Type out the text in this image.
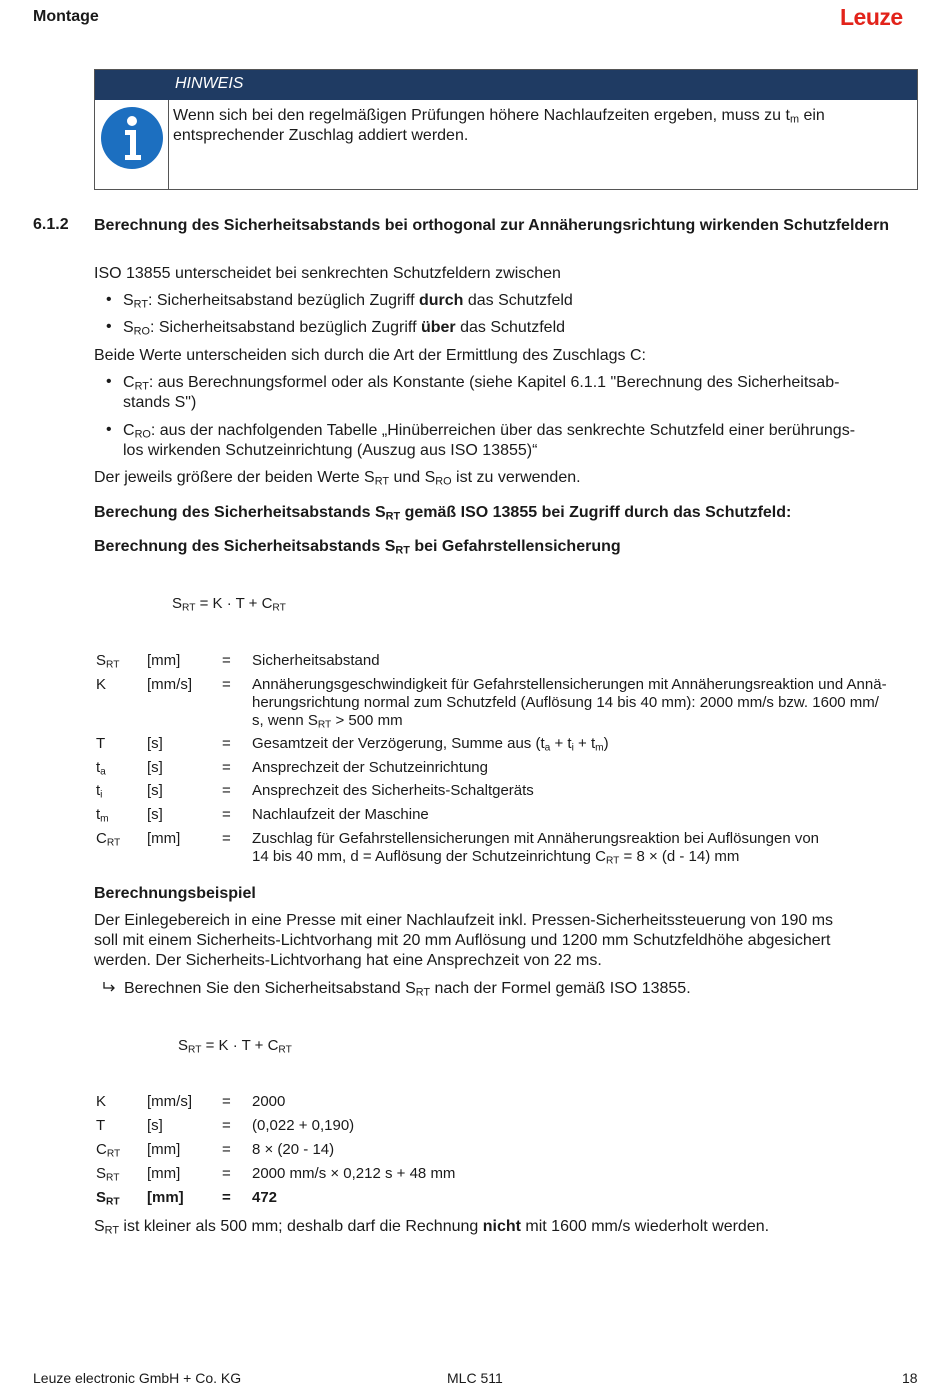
Montage	Leuze
HINWEIS
Wenn sich bei den regelmäßigen Prüfungen höhere Nachlaufzeiten ergeben, muss zu $t_m$ ein entsprechender Zuschlag addiert werden.
6.1.2 Berechnung des Sicherheitsabstands bei orthogonal zur Annäherungsrichtung wirkenden Schutzfeldern
ISO 13855 unterscheidet bei senkrechten Schutzfeldern zwischen
• $S_{RT}$: Sicherheitsabstand bezüglich Zugriff durch das Schutzfeld
• $S_{RO}$: Sicherheitsabstand bezüglich Zugriff über das Schutzfeld
Beide Werte unterscheiden sich durch die Art der Ermittlung des Zuschlags C:
• $C_{RT}$: aus Berechnungsformel oder als Konstante (siehe Kapitel 6.1.1 "Berechnung des Sicherheitsab-
stands S")
• $C_{RO}$: aus der nachfolgenden Tabelle „Hinüberreichen über das senkrechte Schutzfeld einer berührungs-
los wirkenden Schutzeinrichtung (Auszug aus ISO 13855)“
Der jeweils größere der beiden Werte $S_{RT}$ und $S_{RO}$ ist zu verwenden.
Berechung des Sicherheitsabstands $S_{RT}$ gemäß ISO 13855 bei Zugriff durch das Schutzfeld:
Berechnung des Sicherheitsabstands $S_{RT}$ bei Gefahrstellensicherung
$S_{RT} = K \cdot T + C_{RT}$
$S_{RT}$ [mm]	= Sicherheitsabstand
K	[mm/s] = Annäherungsgeschwindigkeit für Gefahrstellensicherungen mit Annäherungsreaktion und Annä-
herungsrichtung normal zum Schutzfeld (Auflösung 14 bis 40 mm): 2000 mm/s bzw. 1600 mm/
s, wenn $S_{RT} > 500$ mm
T	[s]	= Gesamtzeit der Verzögerung, Summe aus $(t_a + t_i + t_m)$
$t_a$	[s]	= Ansprechzeit der Schutzeinrichtung
$t_i$	[s]	= Ansprechzeit des Sicherheits-Schaltgeräts
$t_m$	[s]	= Nachlaufzeit der Maschine
$C_{RT}$ [mm]	= Zuschlag für Gefahrstellensicherungen mit Annäherungsreaktion bei Auflösungen von
14 bis 40 mm, d = Auflösung der Schutzeinrichtung $C_{RT} = 8 \times (d - 14)$ mm
Berechnungsbeispiel
Der Einlegebereich in eine Presse mit einer Nachlaufzeit inkl. Pressen-Sicherheitssteuerung von 190 ms
soll mit einem Sicherheits-Lichtvorhang mit 20 mm Auflösung und 1200 mm Schutzfeldhöhe abgesichert
werden. Der Sicherheits-Lichtvorhang hat eine Ansprechzeit von 22 ms.
Berechnen Sie den Sicherheitsabstand $S_{RT}$ nach der Formel gemäß ISO 13855.
$S_{RT} = K \cdot T + C_{RT}$
K	[mm/s] = 2000
T	[s]	= (0,022 + 0,190)
$C_{RT}$ [mm]	= 8 × (20 - 14)
$S_{RT}$ [mm]	= 2000 mm/s × 0,212 s + 48 mm
$S_{RT}$ [mm]	= 472
$S_{RT}$ ist kleiner als 500 mm; deshalb darf die Rechnung nicht mit 1600 mm/s wiederholt werden.
Leuze electronic GmbH + Co. KG	MLC 511	18
